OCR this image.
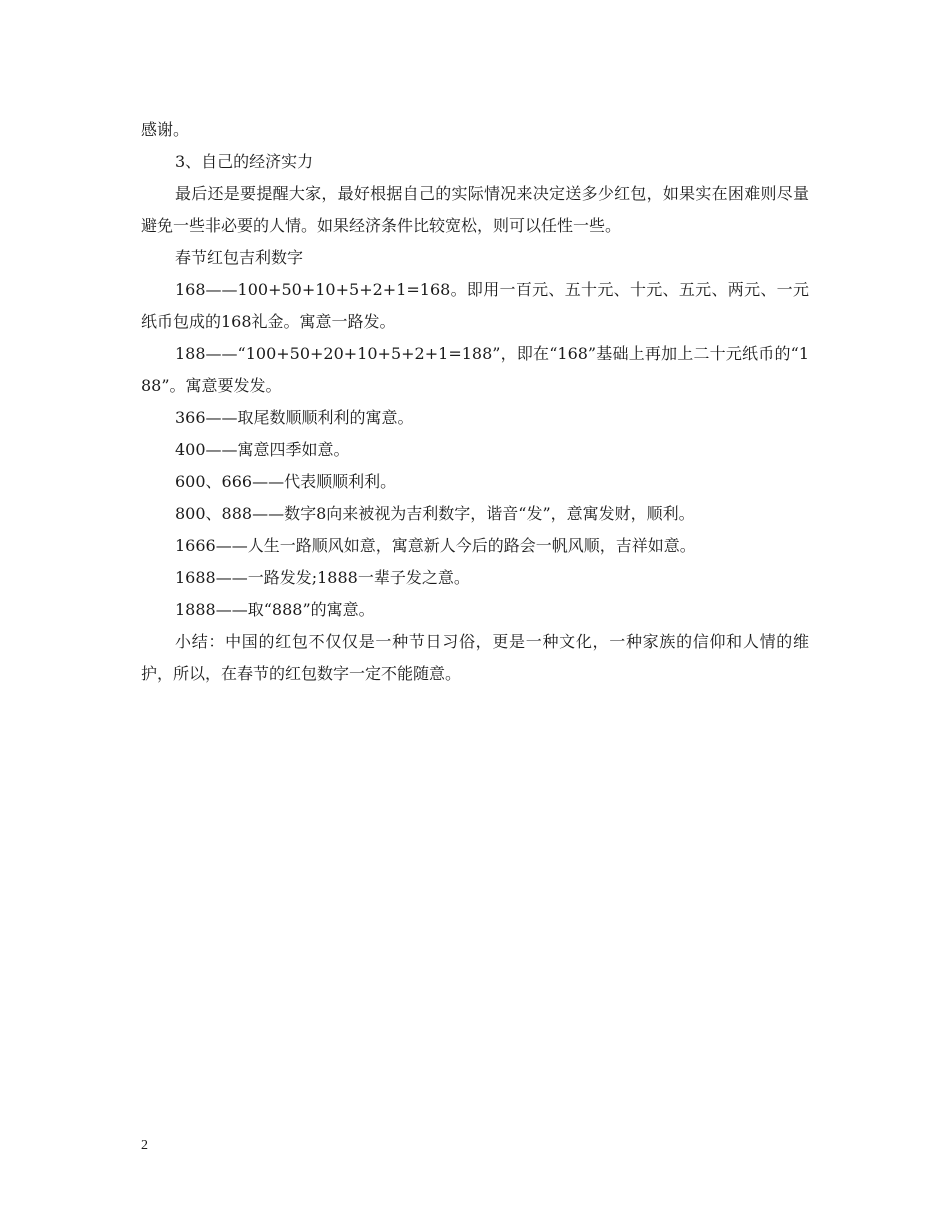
感谢。

3、自己的经济实力

最后还是要提醒大家，最好根据自己的实际情况来决定送多少红包，如果实在困难则尽量避免一些非必要的人情。如果经济条件比较宽松，则可以任性一些。

春节红包吉利数字

168——100+50+10+5+2+1=168。即用一百元、五十元、十元、五元、两元、一元纸币包成的168礼金。寓意一路发。

188——“100+50+20+10+5+2+1=188”，即在“168”基础上再加上二十元纸币的“188”。寓意要发发。

366——取尾数顺顺利利的寓意。

400——寓意四季如意。

600、666——代表顺顺利利。

800、888——数字8向来被视为吉利数字，谐音“发”，意寓发财，顺利。

1666——人生一路顺风如意，寓意新人今后的路会一帆风顺，吉祥如意。

1688——一路发发;1888一辈子发之意。

1888——取“888”的寓意。

小结：中国的红包不仅仅是一种节日习俗，更是一种文化，一种家族的信仰和人情的维护，所以，在春节的红包数字一定不能随意。

2
